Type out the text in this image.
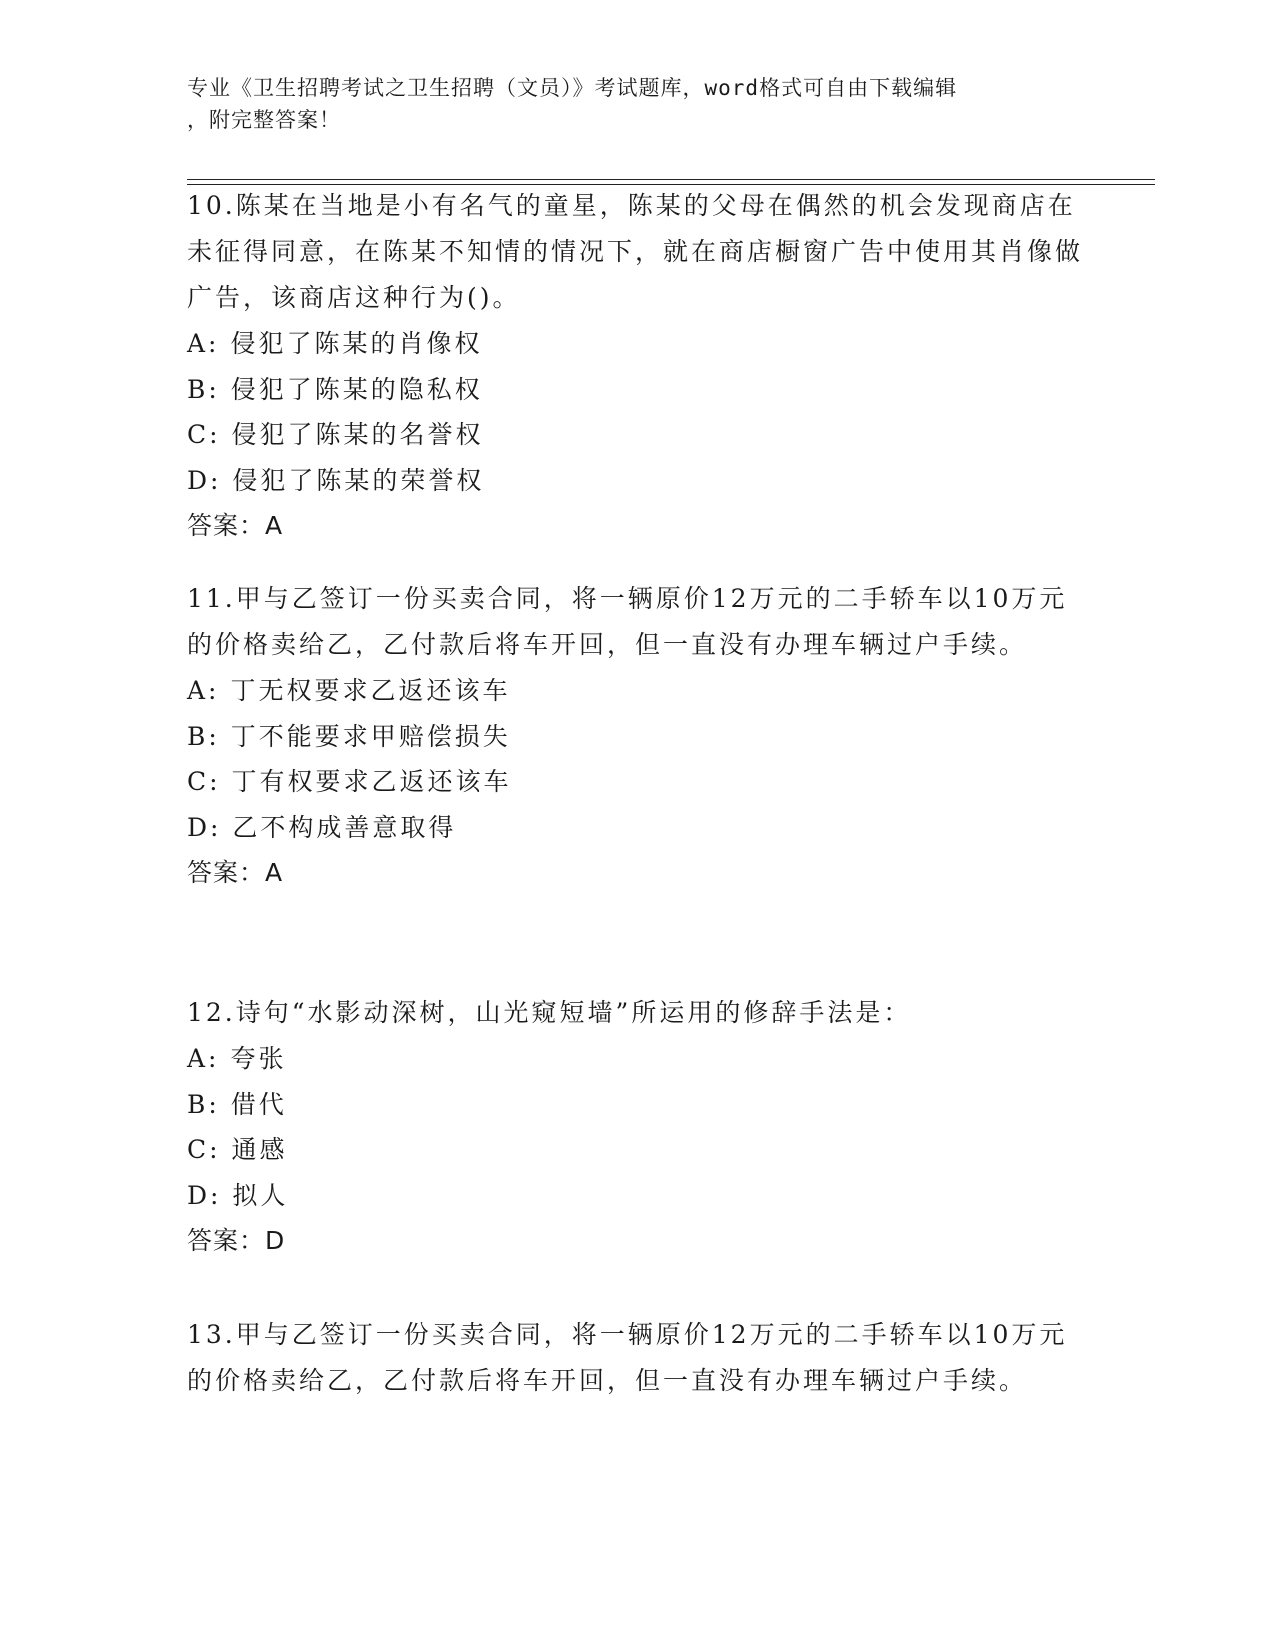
专业《卫生招聘考试之卫生招聘（文员）》考试题库，word格式可自由下载编辑
，附完整答案！

10.陈某在当地是小有名气的童星，陈某的父母在偶然的机会发现商店在未征得同意，在陈某不知情的情况下，就在商店橱窗广告中使用其肖像做广告，该商店这种行为()。

A: 侵犯了陈某的肖像权

B: 侵犯了陈某的隐私权

C: 侵犯了陈某的名誉权

D: 侵犯了陈某的荣誉权

答案：A

11.甲与乙签订一份买卖合同，将一辆原价12万元的二手轿车以10万元的价格卖给乙，乙付款后将车开回，但一直没有办理车辆过户手续。

A: 丁无权要求乙返还该车

B: 丁不能要求甲赔偿损失

C: 丁有权要求乙返还该车

D: 乙不构成善意取得

答案：A

12.诗句“水影动深树，山光窥短墙”所运用的修辞手法是：

A: 夸张

B: 借代

C: 通感

D: 拟人

答案：D

13.甲与乙签订一份买卖合同，将一辆原价12万元的二手轿车以10万元的价格卖给乙，乙付款后将车开回，但一直没有办理车辆过户手续。
